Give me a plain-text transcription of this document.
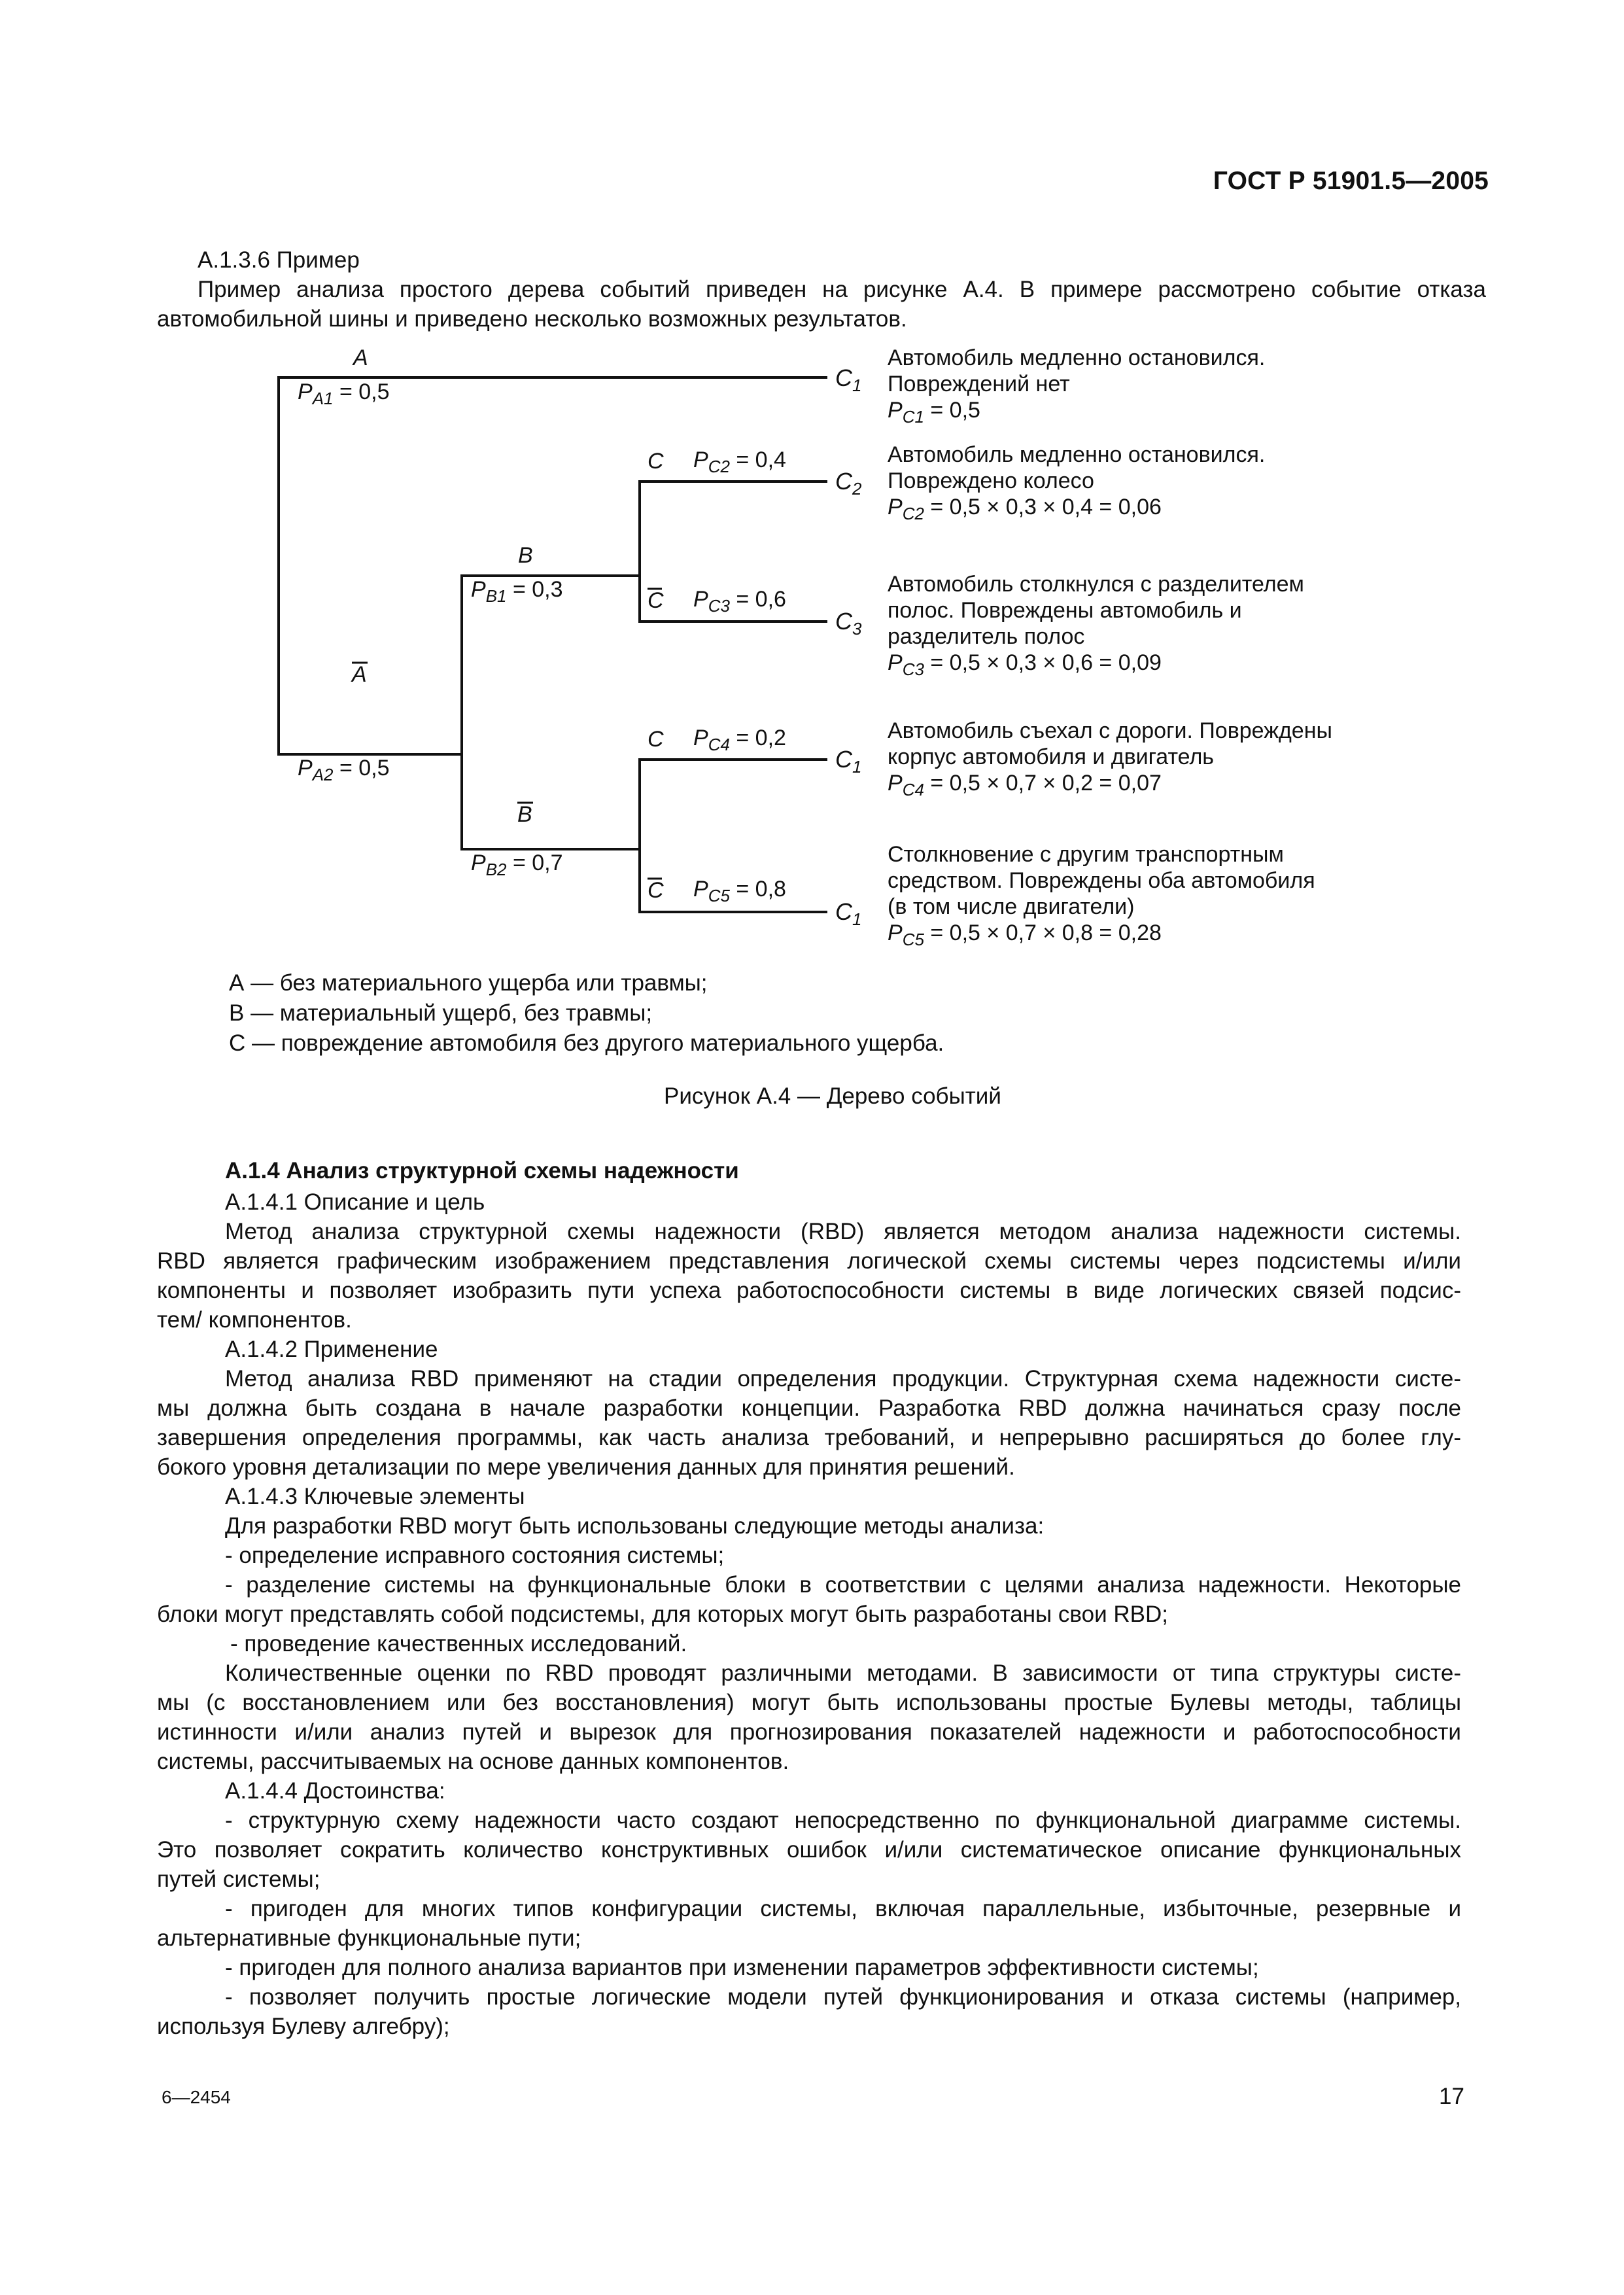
ГОСТ Р 51901.5—2005
А.1.3.6 Пример
Пример анализа простого дерева событий приведен на рисунке А.4. В примере рассмотрено событие отказа
автомобильной шины и приведено несколько возможных результатов.
A
$P_{A1} = 0,5$
A
$P_{A2} = 0,5$
B
$P_{B1} = 0,3$
B
$P_{B2} = 0,7$
C $P_{C2} = 0,4$
C $P_{C3} = 0,6$
C $P_{C4} = 0,2$
C $P_{C5} = 0,8$
$C_1$
$C_2$
$C_3$
$C_1$
$C_1$
Автомобиль медленно остановился.
Повреждений нет
$P_{C1} = 0,5$
Автомобиль медленно остановился.
Повреждено колесо
$P_{C2} = 0,5 \times 0,3 \times 0,4 = 0,06$
Автомобиль столкнулся с разделителем
полос. Повреждены автомобиль и
разделитель полос
$P_{C3} = 0,5 \times 0,3 \times 0,6 = 0,09$
Автомобиль съехал с дороги. Повреждены
корпус автомобиля и двигатель
$P_{C4} = 0,5 \times 0,7 \times 0,2 = 0,07$
Столкновение с другим транспортным
средством. Повреждены оба автомобиля
(в том числе двигатели)
$P_{C5} = 0,5 \times 0,7 \times 0,8 = 0,28$
А — без материального ущерба или травмы;
В — материальный ущерб, без травмы;
С — повреждение автомобиля без другого материального ущерба.
Рисунок А.4 — Дерево событий
А.1.4 Анализ структурной схемы надежности
А.1.4.1 Описание и цель
Метод анализа структурной схемы надежности (RBD) является методом анализа надежности системы.
RBD является графическим изображением представления логической схемы системы через подсистемы и/или
компоненты и позволяет изобразить пути успеха работоспособности системы в виде логических связей подсис-
тем/ компонентов.
А.1.4.2 Применение
Метод анализа RBD применяют на стадии определения продукции. Структурная схема надежности систе-
мы должна быть создана в начале разработки концепции. Разработка RBD должна начинаться сразу после
завершения определения программы, как часть анализа требований, и непрерывно расширяться до более глу-
бокого уровня детализации по мере увеличения данных для принятия решений.
А.1.4.3 Ключевые элементы
Для разработки RBD могут быть использованы следующие методы анализа:
- определение исправного состояния системы;
- разделение системы на функциональные блоки в соответствии с целями анализа надежности. Некоторые
блоки могут представлять собой подсистемы, для которых могут быть разработаны свои RBD;
- проведение качественных исследований.
Количественные оценки по RBD проводят различными методами. В зависимости от типа структуры систе-
мы (с восстановлением или без восстановления) могут быть использованы простые Булевы методы, таблицы
истинности и/или анализ путей и вырезок для прогнозирования показателей надежности и работоспособности
системы, рассчитываемых на основе данных компонентов.
А.1.4.4 Достоинства:
- структурную схему надежности часто создают непосредственно по функциональной диаграмме системы.
Это позволяет сократить количество конструктивных ошибок и/или систематическое описание функциональных
путей системы;
- пригоден для многих типов конфигурации системы, включая параллельные, избыточные, резервные и
альтернативные функциональные пути;
- пригоден для полного анализа вариантов при изменении параметров эффективности системы;
- позволяет получить простые логические модели путей функционирования и отказа системы (например,
используя Булеву алгебру);
6—2454	17
